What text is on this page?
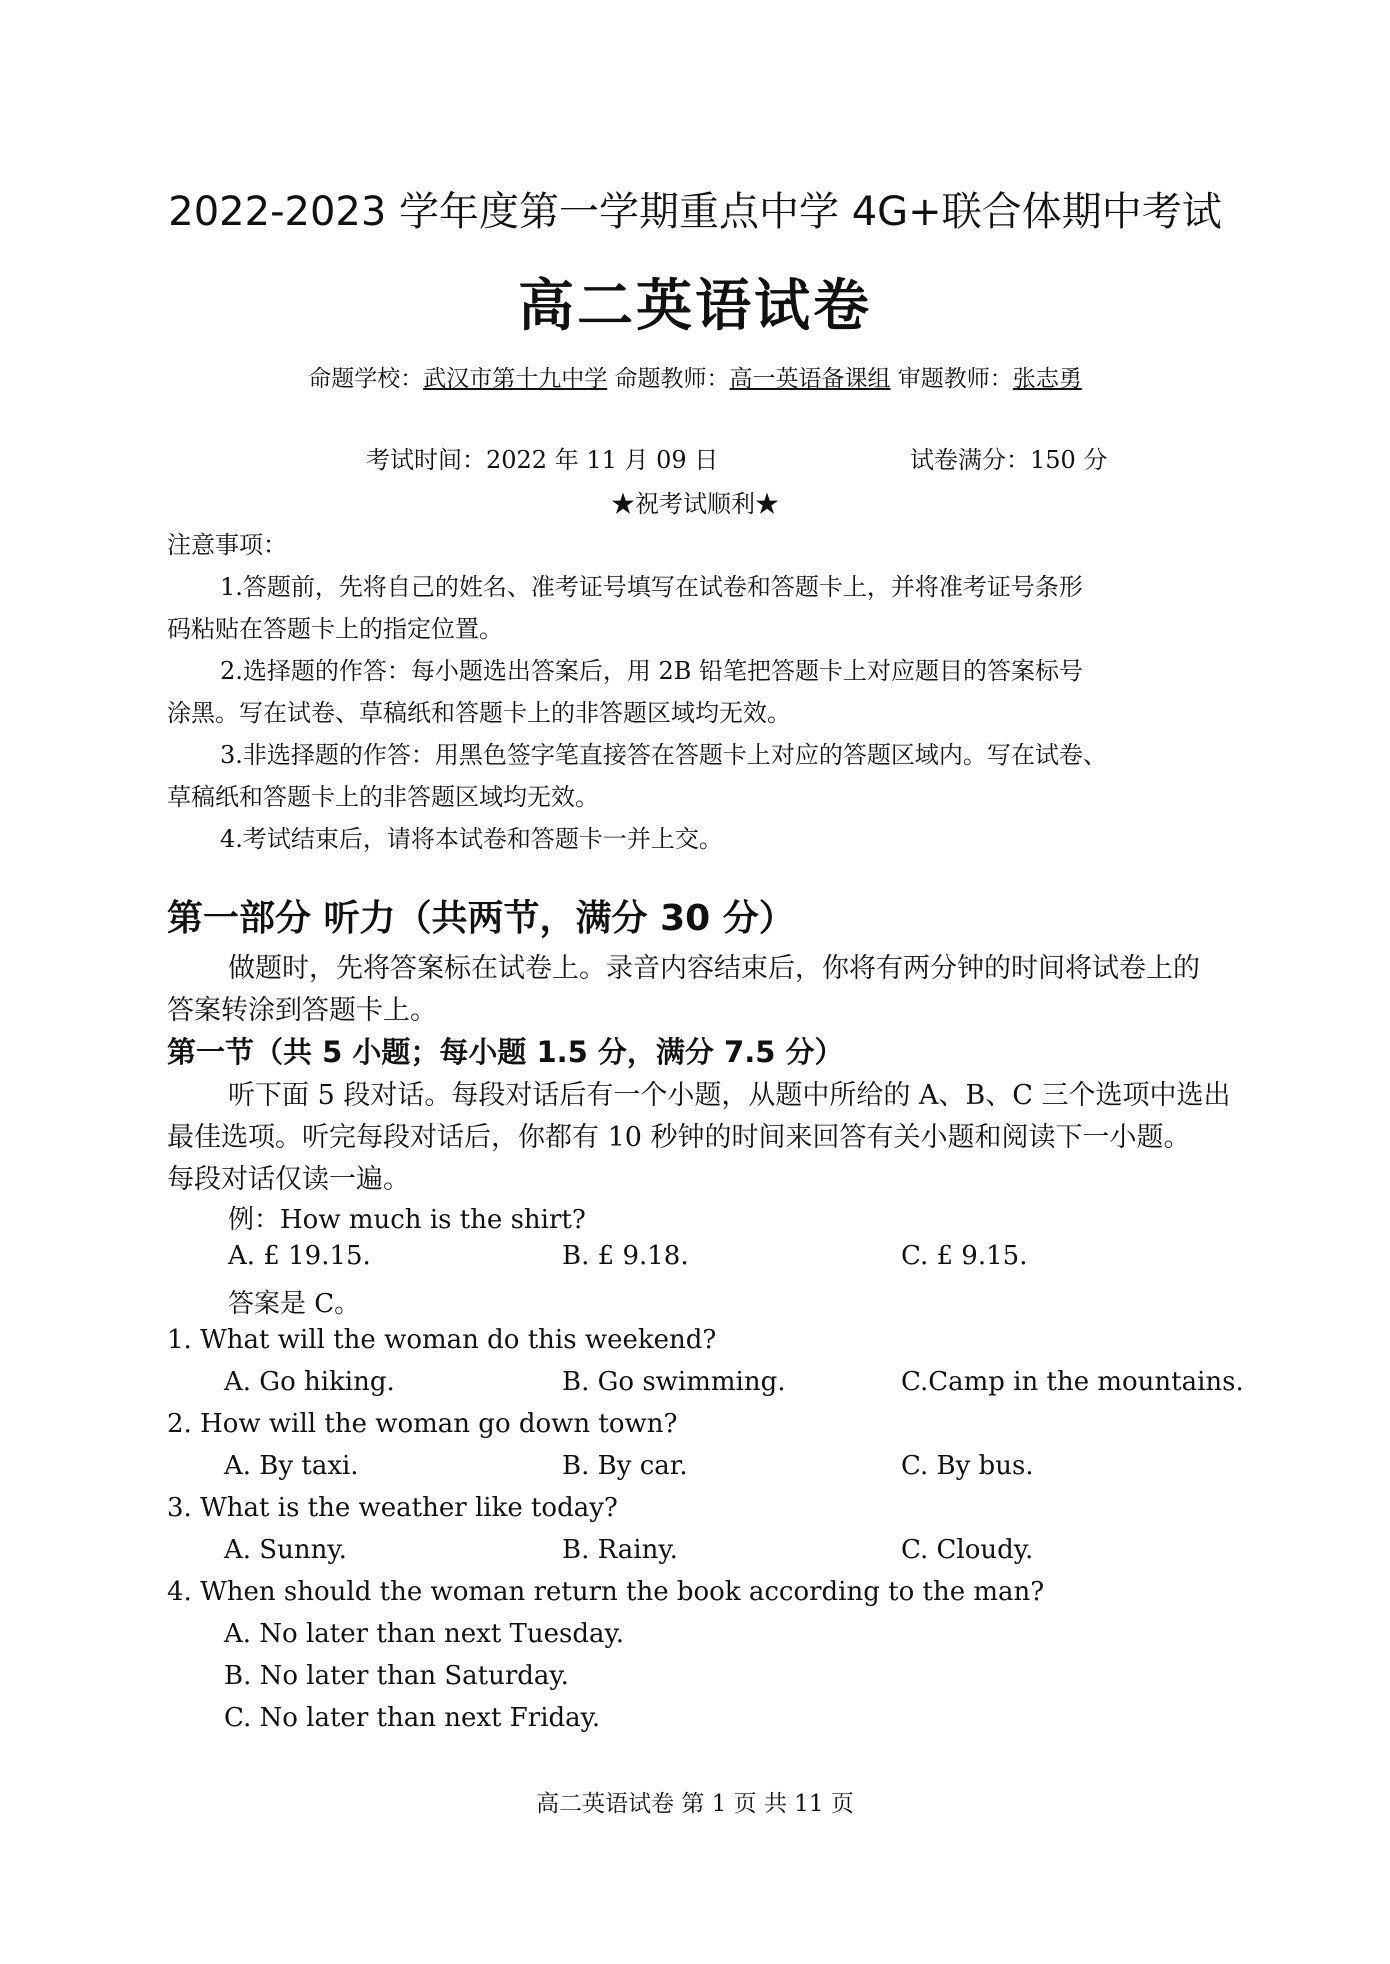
2022-2023 学年度第一学期重点中学 4G+联合体期中考试
高二英语试卷
命题学校：武汉市第十九中学 命题教师：高一英语备课组 审题教师：张志勇
考试时间：2022 年 11 月 09 日	试卷满分：150 分
★祝考试顺利★
注意事项：
1.答题前，先将自己的姓名、准考证号填写在试卷和答题卡上，并将准考证号条形
码粘贴在答题卡上的指定位置。
2.选择题的作答：每小题选出答案后，用 2B 铅笔把答题卡上对应题目的答案标号
涂黑。写在试卷、草稿纸和答题卡上的非答题区域均无效。
3.非选择题的作答：用黑色签字笔直接答在答题卡上对应的答题区域内。写在试卷、
草稿纸和答题卡上的非答题区域均无效。
4.考试结束后，请将本试卷和答题卡一并上交。
第一部分 听力（共两节，满分 30 分）
做题时，先将答案标在试卷上。录音内容结束后，你将有两分钟的时间将试卷上的
答案转涂到答题卡上。
第一节（共 5 小题；每小题 1.5 分，满分 7.5 分）
听下面 5 段对话。每段对话后有一个小题，从题中所给的 A、B、C 三个选项中选出
最佳选项。听完每段对话后，你都有 10 秒钟的时间来回答有关小题和阅读下一小题。
每段对话仅读一遍。
例：How much is the shirt?
A. £ 19.15.	B. £ 9.18.	C. £ 9.15.
答案是 C。
1. What will the woman do this weekend?
A. Go hiking.	B. Go swimming.	C.Camp in the mountains.
2. How will the woman go down town?
A. By taxi.	B. By car.	C. By bus.
3. What is the weather like today?
A. Sunny.	B. Rainy.	C. Cloudy.
4. When should the woman return the book according to the man?
A. No later than next Tuesday.
B. No later than Saturday.
C. No later than next Friday.
高二英语试卷 第 1 页 共 11 页
